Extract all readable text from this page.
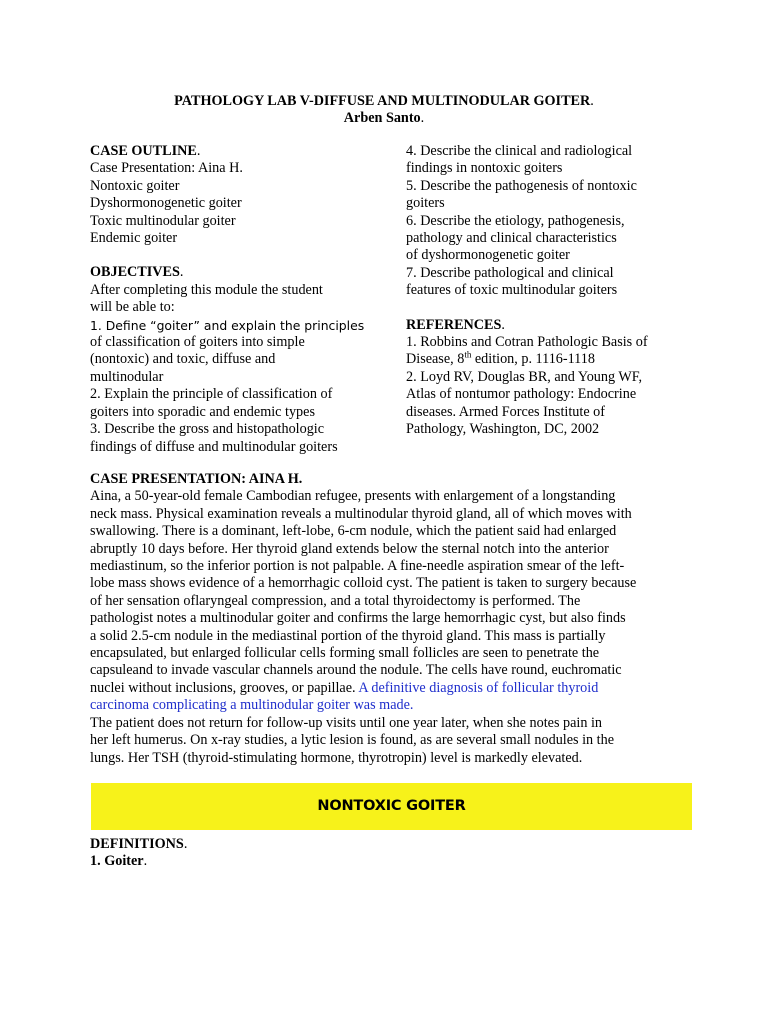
PATHOLOGY LAB V-DIFFUSE AND MULTINODULAR GOITER.
Arben Santo.
CASE OUTLINE.
Case Presentation: Aina H.
Nontoxic goiter
Dyshormonogenetic goiter
Toxic multinodular goiter
Endemic goiter
OBJECTIVES.
After completing this module the student
will be able to:
1. Define “goiter” and explain the principles
of classification of goiters into simple
(nontoxic) and toxic, diffuse and
multinodular
2. Explain the principle of classification of
goiters into sporadic and endemic types
3. Describe the gross and histopathologic
findings of diffuse and multinodular goiters
4. Describe the clinical and radiological
findings in nontoxic goiters
5. Describe the pathogenesis of nontoxic
goiters
6. Describe the etiology, pathogenesis,
pathology and clinical characteristics
of dyshormonogenetic goiter
7. Describe pathological and clinical
features of toxic multinodular goiters
REFERENCES.
1. Robbins and Cotran Pathologic Basis of
Disease, 8th edition, p. 1116-1118
2. Loyd RV, Douglas BR, and Young WF,
Atlas of nontumor pathology: Endocrine
diseases. Armed Forces Institute of
Pathology, Washington, DC, 2002
CASE PRESENTATION: AINA H.
Aina, a 50-year-old female Cambodian refugee, presents with enlargement of a longstanding
neck mass. Physical examination reveals a multinodular thyroid gland, all of which moves with
swallowing. There is a dominant, left-lobe, 6-cm nodule, which the patient said had enlarged
abruptly 10 days before. Her thyroid gland extends below the sternal notch into the anterior
mediastinum, so the inferior portion is not palpable. A fine-needle aspiration smear of the left-
lobe mass shows evidence of a hemorrhagic colloid cyst. The patient is taken to surgery because
of her sensation oflaryngeal compression, and a total thyroidectomy is performed. The
pathologist notes a multinodular goiter and confirms the large hemorrhagic cyst, but also finds
a solid 2.5-cm nodule in the mediastinal portion of the thyroid gland. This mass is partially
encapsulated, but enlarged follicular cells forming small follicles are seen to penetrate the
capsuleand to invade vascular channels around the nodule. The cells have round, euchromatic
nuclei without inclusions, grooves, or papillae. A definitive diagnosis of follicular thyroid
carcinoma complicating a multinodular goiter was made.
The patient does not return for follow-up visits until one year later, when she notes pain in
her left humerus. On x-ray studies, a lytic lesion is found, as are several small nodules in the
lungs. Her TSH (thyroid-stimulating hormone, thyrotropin) level is markedly elevated.
NONTOXIC GOITER
DEFINITIONS.
1. Goiter.
